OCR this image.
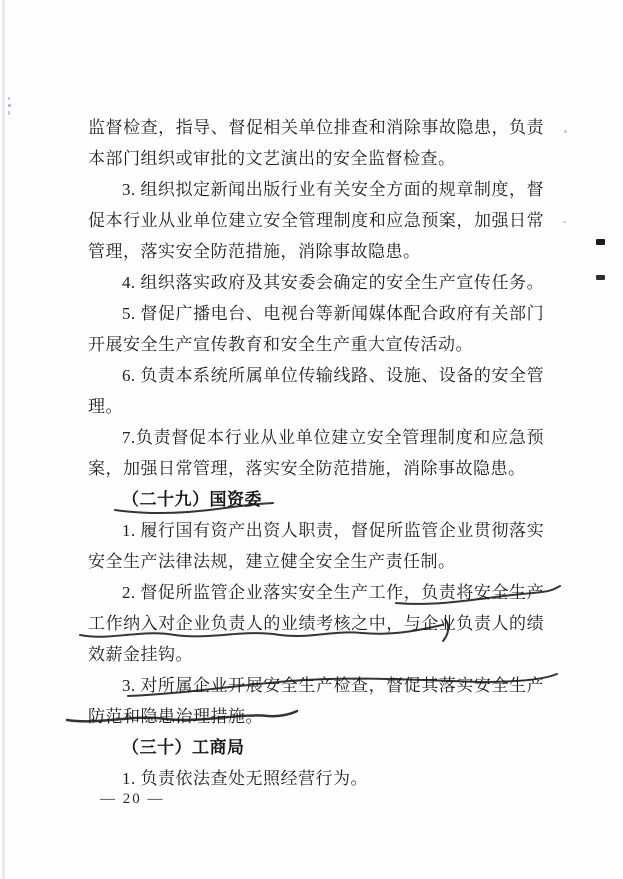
监督检查，指导、督促相关单位排查和消除事故隐患，负责
本部门组织或审批的文艺演出的安全监督检查。
3. 组织拟定新闻出版行业有关安全方面的规章制度，督
促本行业从业单位建立安全管理制度和应急预案，加强日常
管理，落实安全防范措施，消除事故隐患。
4. 组织落实政府及其安委会确定的安全生产宣传任务。
5. 督促广播电台、电视台等新闻媒体配合政府有关部门
开展安全生产宣传教育和安全生产重大宣传活动。
6. 负责本系统所属单位传输线路、设施、设备的安全管
理。
7.负责督促本行业从业单位建立安全管理制度和应急预
案，加强日常管理，落实安全防范措施，消除事故隐患。
（二十九）国资委
1. 履行国有资产出资人职责，督促所监管企业贯彻落实
安全生产法律法规，建立健全安全生产责任制。
2. 督促所监管企业落实安全生产工作，负责将安全生产
工作纳入对企业负责人的业绩考核之中，与企业负责人的绩
效薪金挂钩。
3. 对所属企业开展安全生产检查，督促其落实安全生产
防范和隐患治理措施。
（三十）工商局
1. 负责依法查处无照经营行为。
— 20 —
